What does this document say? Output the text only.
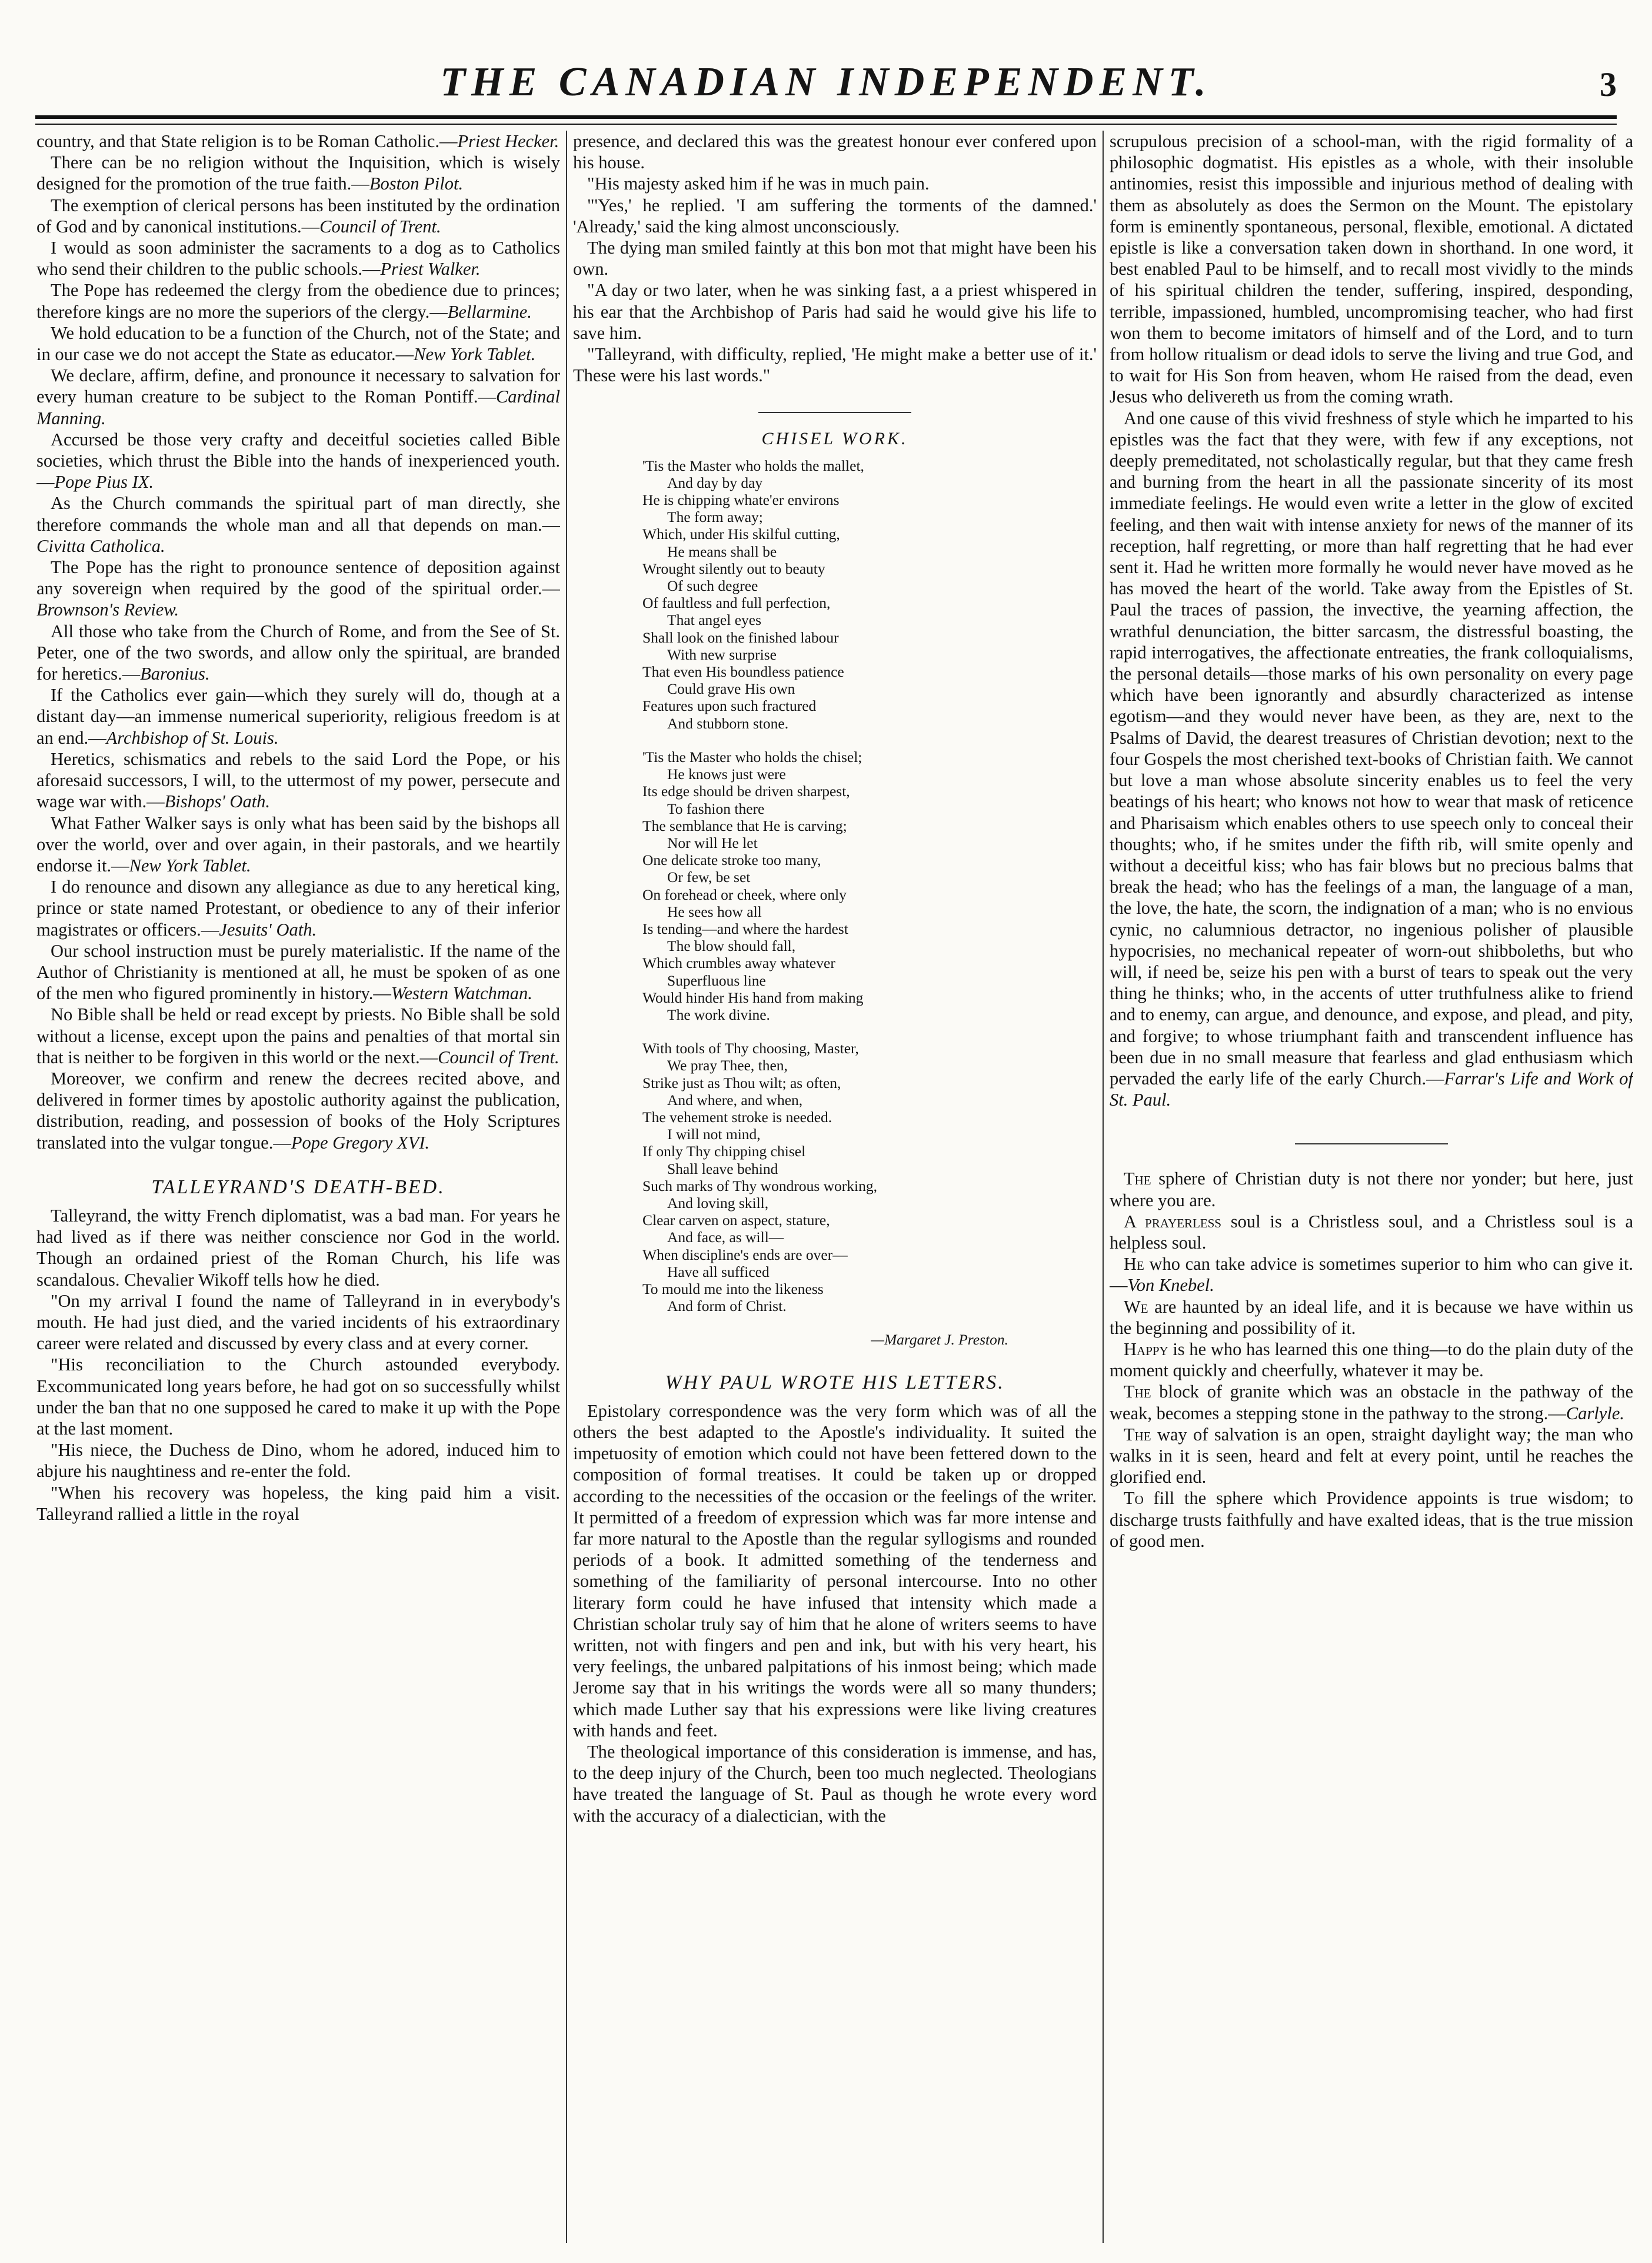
THE CANADIAN INDEPENDENT.	3

country, and that State religion is to be Roman Catholic.—Priest Hecker.

There can be no religion without the Inquisition, which is wisely designed for the promotion of the true faith.—Boston Pilot.

The exemption of clerical persons has been instituted by the ordination of God and by canonical institutions.—Council of Trent.

I would as soon administer the sacraments to a dog as to Catholics who send their children to the public schools.—Priest Walker.

The Pope has redeemed the clergy from the obedience due to princes; therefore kings are no more the superiors of the clergy.—Bellarmine.

We hold education to be a function of the Church, not of the State; and in our case we do not accept the State as educator.—New York Tablet.

We declare, affirm, define, and pronounce it necessary to salvation for every human creature to be subject to the Roman Pontiff.—Cardinal Manning.

Accursed be those very crafty and deceitful societies called Bible societies, which thrust the Bible into the hands of inexperienced youth.—Pope Pius IX.

As the Church commands the spiritual part of man directly, she therefore commands the whole man and all that depends on man.—Civitta Catholica.

The Pope has the right to pronounce sentence of deposition against any sovereign when required by the good of the spiritual order.—Brownson's Review.

All those who take from the Church of Rome, and from the See of St. Peter, one of the two swords, and allow only the spiritual, are branded for heretics.—Baronius.

If the Catholics ever gain—which they surely will do, though at a distant day—an immense numerical superiority, religious freedom is at an end.—Archbishop of St. Louis.

Heretics, schismatics and rebels to the said Lord the Pope, or his aforesaid successors, I will, to the uttermost of my power, persecute and wage war with.—Bishops' Oath.

What Father Walker says is only what has been said by the bishops all over the world, over and over again, in their pastorals, and we heartily endorse it.—New York Tablet.

I do renounce and disown any allegiance as due to any heretical king, prince or state named Protestant, or obedience to any of their inferior magistrates or officers.—Jesuits' Oath.

Our school instruction must be purely materialistic. If the name of the Author of Christianity is mentioned at all, he must be spoken of as one of the men who figured prominently in history.—Western Watchman.

No Bible shall be held or read except by priests. No Bible shall be sold without a license, except upon the pains and penalties of that mortal sin that is neither to be forgiven in this world or the next.—Council of Trent.

Moreover, we confirm and renew the decrees recited above, and delivered in former times by apostolic authority against the publication, distribution, reading, and possession of books of the Holy Scriptures translated into the vulgar tongue.—Pope Gregory XVI.

TALLEYRAND'S DEATH-BED.

Talleyrand, the witty French diplomatist, was a bad man. For years he had lived as if there was neither conscience nor God in the world. Though an ordained priest of the Roman Church, his life was scandalous. Chevalier Wikoff tells how he died.

"On my arrival I found the name of Talleyrand in in everybody's mouth. He had just died, and the varied incidents of his extraordinary career were related and discussed by every class and at every corner.

"His reconciliation to the Church astounded everybody. Excommunicated long years before, he had got on so successfully whilst under the ban that no one supposed he cared to make it up with the Pope at the last moment.

"His niece, the Duchess de Dino, whom he adored, induced him to abjure his naughtiness and re-enter the fold.

"When his recovery was hopeless, the king paid him a visit. Talleyrand rallied a little in the royal

presence, and declared this was the greatest honour ever confered upon his house.

"His majesty asked him if he was in much pain.

"'Yes,' he replied. 'I am suffering the torments of the damned.' 'Already,' said the king almost unconsciously.

The dying man smiled faintly at this bon mot that might have been his own.

"A day or two later, when he was sinking fast, a a priest whispered in his ear that the Archbishop of Paris had said he would give his life to save him.

"Talleyrand, with difficulty, replied, 'He might make a better use of it.' These were his last words."

CHISEL WORK.
'Tis the Master who holds the mallet,
And day by day
He is chipping whate'er environs
The form away;
Which, under His skilful cutting,
He means shall be
Wrought silently out to beauty
Of such degree
Of faultless and full perfection,
That angel eyes
Shall look on the finished labour
With new surprise
That even His boundless patience
Could grave His own
Features upon such fractured
And stubborn stone.
'Tis the Master who holds the chisel;
He knows just were
Its edge should be driven sharpest,
To fashion there
The semblance that He is carving;
Nor will He let
One delicate stroke too many,
Or few, be set
On forehead or cheek, where only
He sees how all
Is tending—and where the hardest
The blow should fall,
Which crumbles away whatever
Superfluous line
Would hinder His hand from making
The work divine.
With tools of Thy choosing, Master,
We pray Thee, then,
Strike just as Thou wilt; as often,
And where, and when,
The vehement stroke is needed.
I will not mind,
If only Thy chipping chisel
Shall leave behind
Such marks of Thy wondrous working,
And loving skill,
Clear carven on aspect, stature,
And face, as will—
When discipline's ends are over—
Have all sufficed
To mould me into the likeness
And form of Christ.
—Margaret J. Preston.
WHY PAUL WROTE HIS LETTERS.

Epistolary correspondence was the very form which was of all the others the best adapted to the Apostle's individuality. It suited the impetuosity of emotion which could not have been fettered down to the composition of formal treatises. It could be taken up or dropped according to the necessities of the occasion or the feelings of the writer. It permitted of a freedom of expression which was far more intense and far more natural to the Apostle than the regular syllogisms and rounded periods of a book. It admitted something of the tenderness and something of the familiarity of personal intercourse. Into no other literary form could he have infused that intensity which made a Christian scholar truly say of him that he alone of writers seems to have written, not with fingers and pen and ink, but with his very heart, his very feelings, the unbared palpitations of his inmost being; which made Jerome say that in his writings the words were all so many thunders; which made Luther say that his expressions were like living creatures with hands and feet.

The theological importance of this consideration is immense, and has, to the deep injury of the Church, been too much neglected. Theologians have treated the language of St. Paul as though he wrote every word with the accuracy of a dialectician, with the

scrupulous precision of a school-man, with the rigid formality of a philosophic dogmatist. His epistles as a whole, with their insoluble antinomies, resist this impossible and injurious method of dealing with them as absolutely as does the Sermon on the Mount. The epistolary form is eminently spontaneous, personal, flexible, emotional. A dictated epistle is like a conversation taken down in shorthand. In one word, it best enabled Paul to be himself, and to recall most vividly to the minds of his spiritual children the tender, suffering, inspired, desponding, terrible, impassioned, humbled, uncompromising teacher, who had first won them to become imitators of himself and of the Lord, and to turn from hollow ritualism or dead idols to serve the living and true God, and to wait for His Son from heaven, whom He raised from the dead, even Jesus who delivereth us from the coming wrath.

And one cause of this vivid freshness of style which he imparted to his epistles was the fact that they were, with few if any exceptions, not deeply premeditated, not scholastically regular, but that they came fresh and burning from the heart in all the passionate sincerity of its most immediate feelings. He would even write a letter in the glow of excited feeling, and then wait with intense anxiety for news of the manner of its reception, half regretting, or more than half regretting that he had ever sent it. Had he written more formally he would never have moved as he has moved the heart of the world. Take away from the Epistles of St. Paul the traces of passion, the invective, the yearning affection, the wrathful denunciation, the bitter sarcasm, the distressful boasting, the rapid interrogatives, the affectionate entreaties, the frank colloquialisms, the personal details—those marks of his own personality on every page which have been ignorantly and absurdly characterized as intense egotism—and they would never have been, as they are, next to the Psalms of David, the dearest treasures of Christian devotion; next to the four Gospels the most cherished text-books of Christian faith. We cannot but love a man whose absolute sincerity enables us to feel the very beatings of his heart; who knows not how to wear that mask of reticence and Pharisaism which enables others to use speech only to conceal their thoughts; who, if he smites under the fifth rib, will smite openly and without a deceitful kiss; who has fair blows but no precious balms that break the head; who has the feelings of a man, the language of a man, the love, the hate, the scorn, the indignation of a man; who is no envious cynic, no calumnious detractor, no ingenious polisher of plausible hypocrisies, no mechanical repeater of worn-out shibboleths, but who will, if need be, seize his pen with a burst of tears to speak out the very thing he thinks; who, in the accents of utter truthfulness alike to friend and to enemy, can argue, and denounce, and expose, and plead, and pity, and forgive; to whose triumphant faith and transcendent influence has been due in no small measure that fearless and glad enthusiasm which pervaded the early life of the early Church.—Farrar's Life and Work of St. Paul.

The sphere of Christian duty is not there nor yonder; but here, just where you are.

A prayerless soul is a Christless soul, and a Christless soul is a helpless soul.

He who can take advice is sometimes superior to him who can give it.—Von Knebel.

We are haunted by an ideal life, and it is because we have within us the beginning and possibility of it.

Happy is he who has learned this one thing—to do the plain duty of the moment quickly and cheerfully, whatever it may be.

The block of granite which was an obstacle in the pathway of the weak, becomes a stepping stone in the pathway to the strong.—Carlyle.

The way of salvation is an open, straight daylight way; the man who walks in it is seen, heard and felt at every point, until he reaches the glorified end.

To fill the sphere which Providence appoints is true wisdom; to discharge trusts faithfully and have exalted ideas, that is the true mission of good men.
